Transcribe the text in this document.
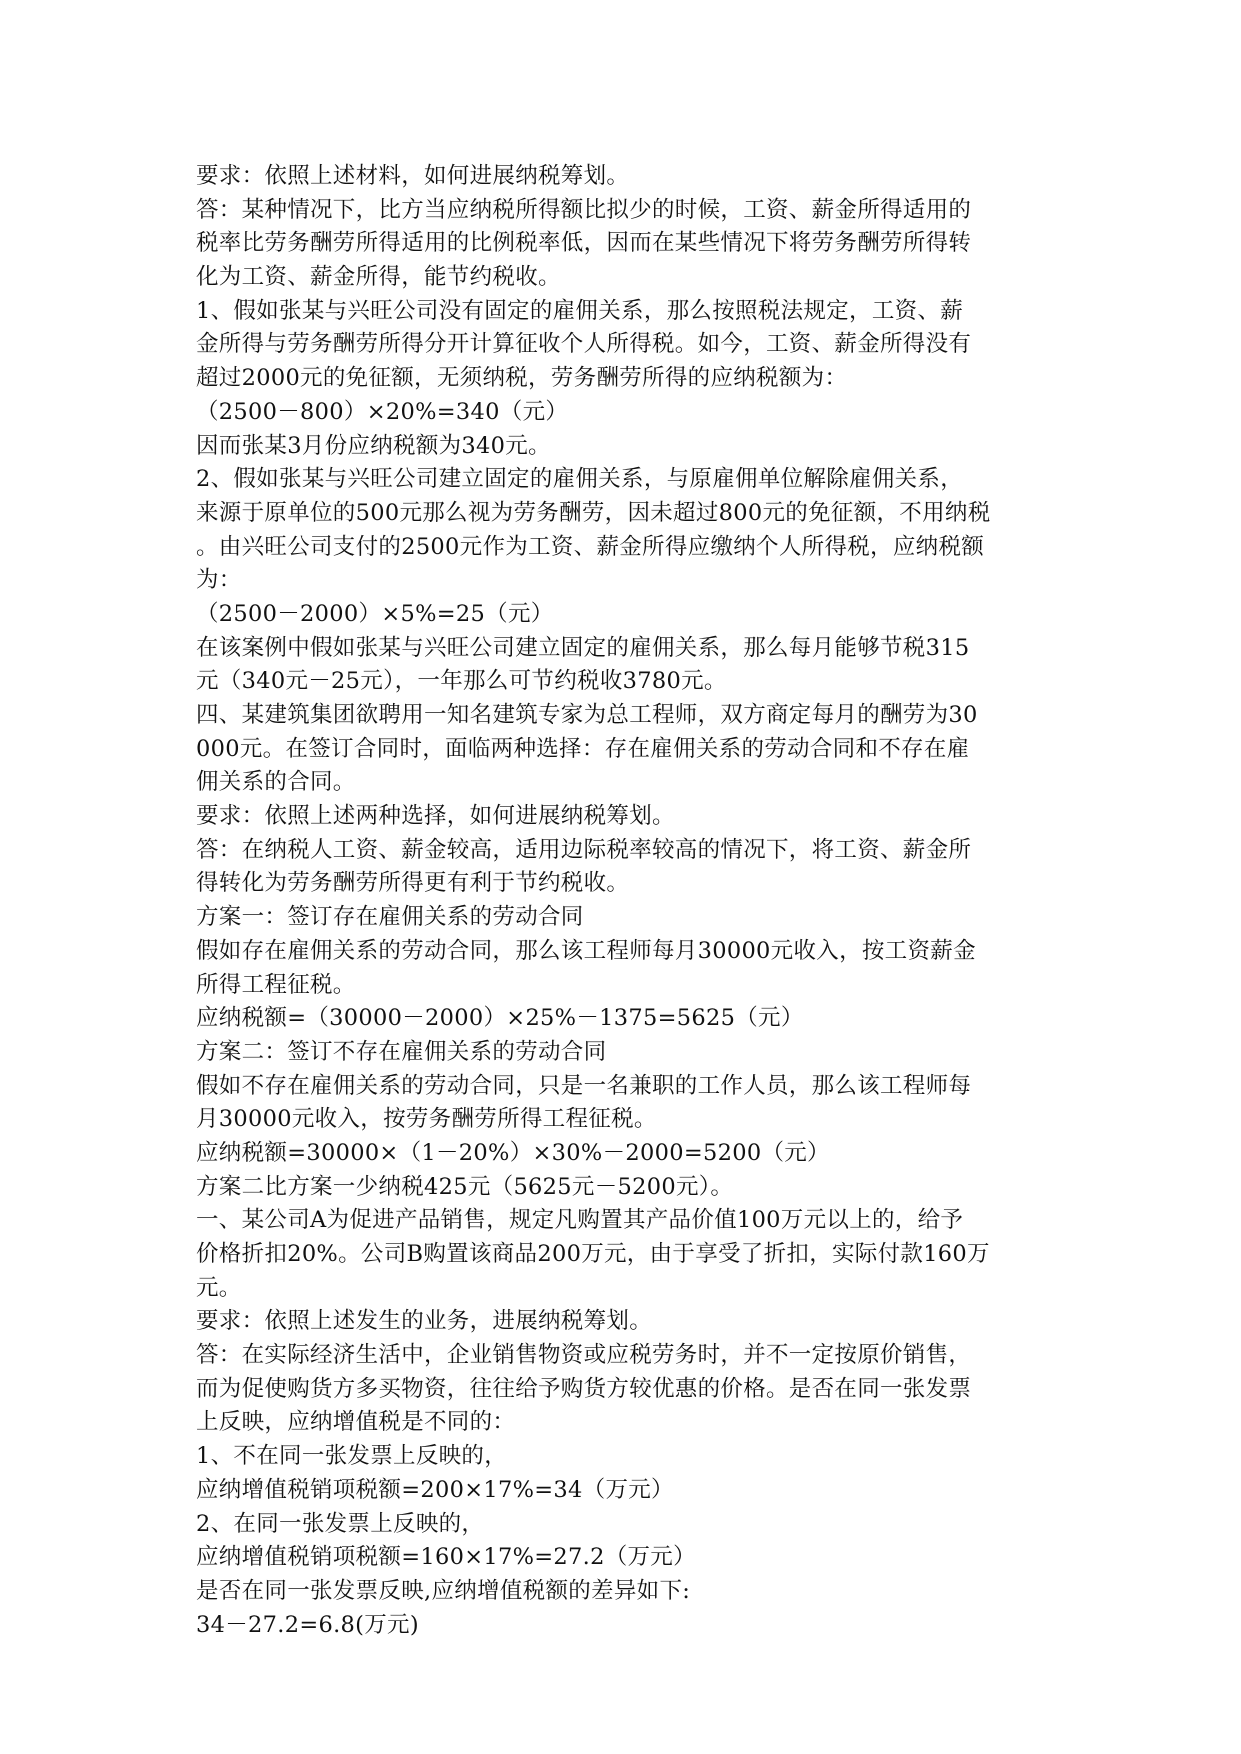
要求：依照上述材料，如何进展纳税筹划。
答：某种情况下，比方当应纳税所得额比拟少的时候，工资、薪金所得适用的
税率比劳务酬劳所得适用的比例税率低，因而在某些情况下将劳务酬劳所得转
化为工资、薪金所得，能节约税收。
1、假如张某与兴旺公司没有固定的雇佣关系，那么按照税法规定，工资、薪
金所得与劳务酬劳所得分开计算征收个人所得税。如今，工资、薪金所得没有
超过2000元的免征额，无须纳税，劳务酬劳所得的应纳税额为：
（2500－800）×20%=340（元）
因而张某3月份应纳税额为340元。
2、假如张某与兴旺公司建立固定的雇佣关系，与原雇佣单位解除雇佣关系，
来源于原单位的500元那么视为劳务酬劳，因未超过800元的免征额，不用纳税
。由兴旺公司支付的2500元作为工资、薪金所得应缴纳个人所得税，应纳税额
为：
（2500－2000）×5%=25（元）
在该案例中假如张某与兴旺公司建立固定的雇佣关系，那么每月能够节税315
元（340元－25元），一年那么可节约税收3780元。
四、某建筑集团欲聘用一知名建筑专家为总工程师，双方商定每月的酬劳为30
000元。在签订合同时，面临两种选择：存在雇佣关系的劳动合同和不存在雇
佣关系的合同。
要求：依照上述两种选择，如何进展纳税筹划。
答：在纳税人工资、薪金较高，适用边际税率较高的情况下，将工资、薪金所
得转化为劳务酬劳所得更有利于节约税收。
方案一：签订存在雇佣关系的劳动合同
假如存在雇佣关系的劳动合同，那么该工程师每月30000元收入，按工资薪金
所得工程征税。
应纳税额=（30000－2000）×25%－1375=5625（元）
方案二：签订不存在雇佣关系的劳动合同
假如不存在雇佣关系的劳动合同，只是一名兼职的工作人员，那么该工程师每
月30000元收入，按劳务酬劳所得工程征税。
应纳税额=30000×（1－20%）×30%－2000=5200（元）
方案二比方案一少纳税425元（5625元－5200元）。
一、某公司A为促进产品销售，规定凡购置其产品价值100万元以上的，给予
价格折扣20%。公司B购置该商品200万元，由于享受了折扣，实际付款160万
元。
要求：依照上述发生的业务，进展纳税筹划。
答：在实际经济生活中，企业销售物资或应税劳务时，并不一定按原价销售，
而为促使购货方多买物资，往往给予购货方较优惠的价格。是否在同一张发票
上反映，应纳增值税是不同的：
1、不在同一张发票上反映的，
应纳增值税销项税额=200×17%=34（万元）
2、在同一张发票上反映的，
应纳增值税销项税额=160×17%=27.2（万元）
是否在同一张发票反映,应纳增值税额的差异如下:
34－27.2=6.8(万元)
